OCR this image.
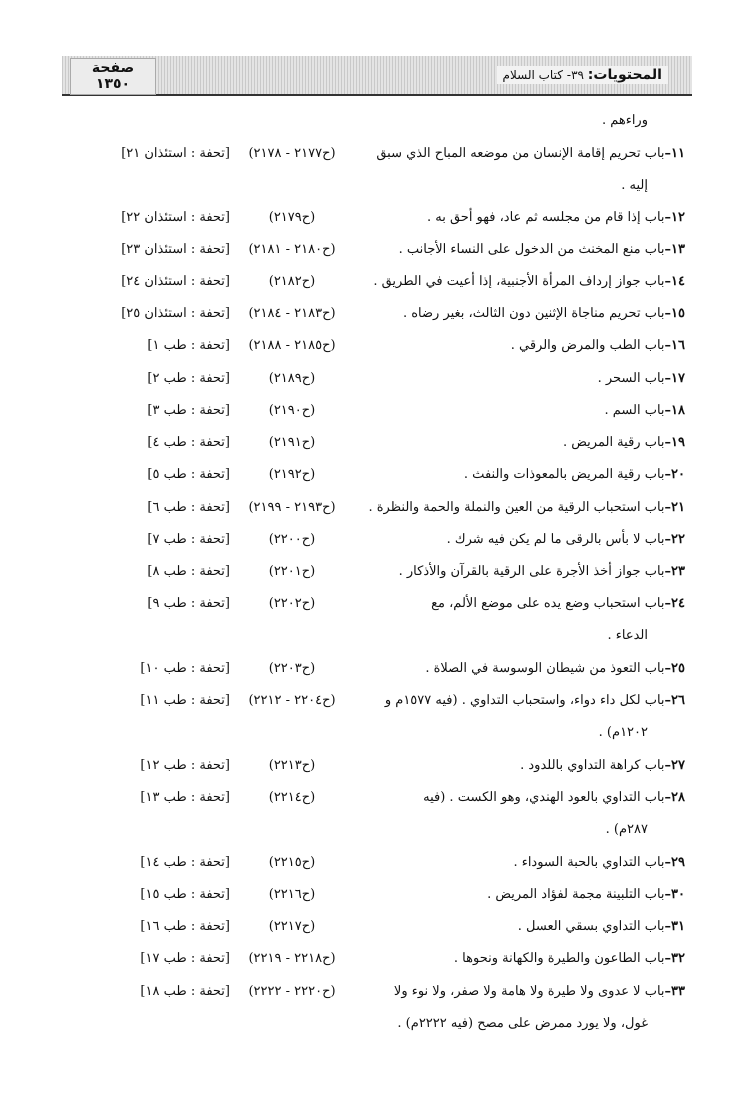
صفحة
١٣٥٠
المحتويات: ٣٩- كتاب السلام
وراءهم .
١١–باب تحريم إقامة الإنسان من موضعه المباح الذي سبق
(ح٢١٧٧ - ٢١٧٨)
[تحفة : استئذان ٢١]
إليه .
١٢–باب إذا قام من مجلسه ثم عاد، فهو أحق به .
(ح٢١٧٩)
[تحفة : استئذان ٢٢]
١٣–باب منع المخنث من الدخول على النساء الأجانب .
(ح٢١٨٠ - ٢١٨١)
[تحفة : استئذان ٢٣]
١٤–باب جواز إرداف المرأة الأجنبية، إذا أعيت في الطريق .
(ح٢١٨٢)
[تحفة : استئذان ٢٤]
١٥–باب تحريم مناجاة الإثنين دون الثالث، بغير رضاه .
(ح٢١٨٣ - ٢١٨٤)
[تحفة : استئذان ٢٥]
١٦–باب الطب والمرض والرقي .
(ح٢١٨٥ - ٢١٨٨)
[تحفة : طب ١]
١٧–باب السحر .
(ح٢١٨٩)
[تحفة : طب ٢]
١٨–باب السم .
(ح٢١٩٠)
[تحفة : طب ٣]
١٩–باب رقية المريض .
(ح٢١٩١)
[تحفة : طب ٤]
٢٠–باب رقية المريض بالمعوذات والنفث .
(ح٢١٩٢)
[تحفة : طب ٥]
٢١–باب استحباب الرقية من العين والنملة والحمة والنظرة .
(ح٢١٩٣ - ٢١٩٩)
[تحفة : طب ٦]
٢٢–باب لا بأس بالرقى ما لم يكن فيه شرك .
(ح٢٢٠٠)
[تحفة : طب ٧]
٢٣–باب جواز أخذ الأجرة على الرقية بالقرآن والأذكار .
(ح٢٢٠١)
[تحفة : طب ٨]
٢٤–باب استحباب وضع يده على موضع الألم، مع
(ح٢٢٠٢)
[تحفة : طب ٩]
الدعاء .
٢٥–باب التعوذ من شيطان الوسوسة في الصلاة .
(ح٢٢٠٣)
[تحفة : طب ١٠]
٢٦–باب لكل داء دواء، واستحباب التداوي . (فيه ١٥٧٧م و
(ح٢٢٠٤ - ٢٢١٢)
[تحفة : طب ١١]
١٢٠٢م) .
٢٧–باب كراهة التداوي باللدود .
(ح٢٢١٣)
[تحفة : طب ١٢]
٢٨–باب التداوي بالعود الهندي، وهو الكست . (فيه
(ح٢٢١٤)
[تحفة : طب ١٣]
٢٨٧م) .
٢٩–باب التداوي بالحبة السوداء .
(ح٢٢١٥)
[تحفة : طب ١٤]
٣٠–باب التلبينة مجمة لفؤاد المريض .
(ح٢٢١٦)
[تحفة : طب ١٥]
٣١–باب التداوي بسقي العسل .
(ح٢٢١٧)
[تحفة : طب ١٦]
٣٢–باب الطاعون والطيرة والكهانة ونحوها .
(ح٢٢١٨ - ٢٢١٩)
[تحفة : طب ١٧]
٣٣–باب لا عدوى ولا طيرة ولا هامة ولا صفر، ولا نوء ولا
(ح٢٢٢٠ - ٢٢٢٢)
[تحفة : طب ١٨]
غول، ولا يورد ممرض على مصح (فيه ٢٢٢٢م) .
